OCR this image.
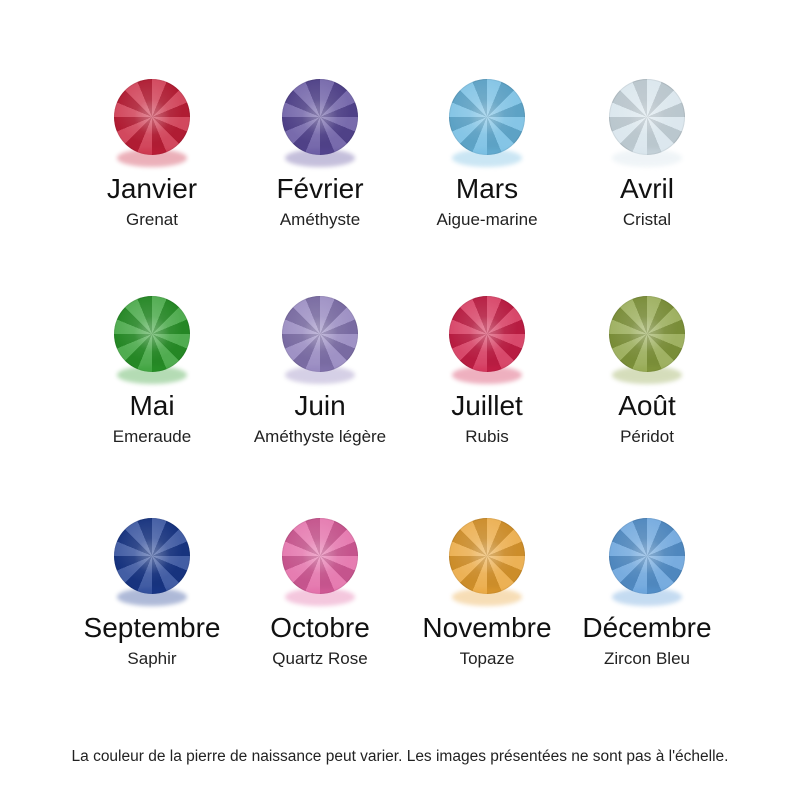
Janvier
Grenat
Février
Améthyste
Mars
Aigue-marine
Avril
Cristal
Mai
Emeraude
Juin
Améthyste légère
Juillet
Rubis
Août
Péridot
Septembre
Saphir
Octobre
Quartz Rose
Novembre
Topaze
Décembre
Zircon Bleu
La couleur de la pierre de naissance peut varier. Les images présentées ne sont pas à l'échelle.
